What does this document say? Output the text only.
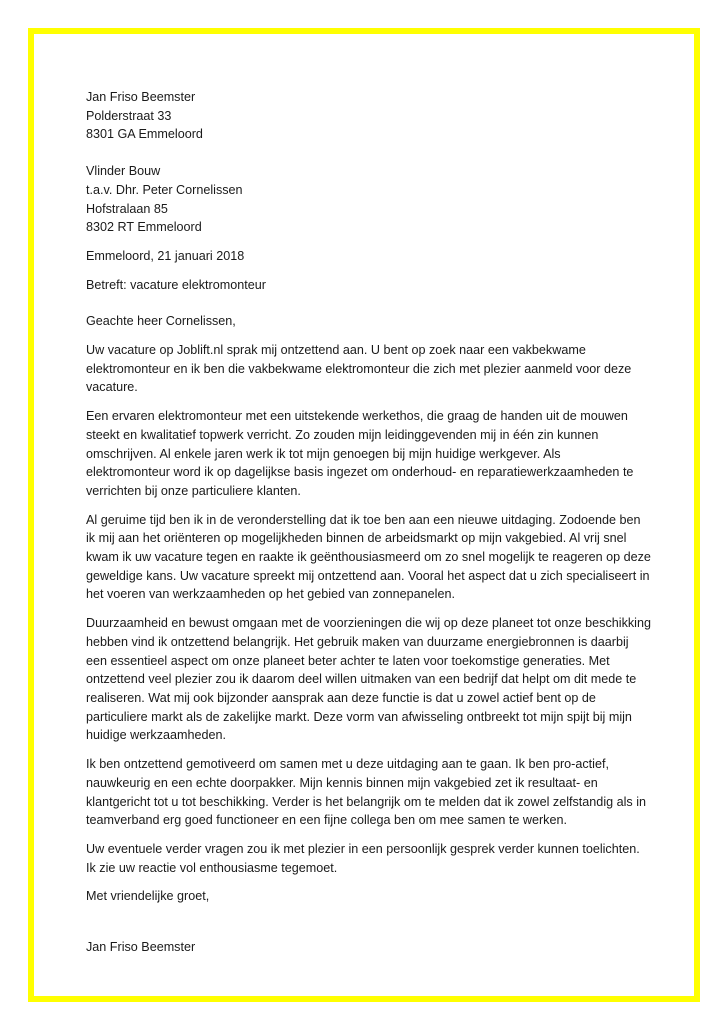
Jan Friso Beemster
Polderstraat 33
8301 GA Emmeloord
Vlinder Bouw
t.a.v. Dhr. Peter Cornelissen
Hofstralaan 85
8302 RT Emmeloord
Emmeloord, 21 januari 2018
Betreft: vacature elektromonteur
Geachte heer Cornelissen,
Uw vacature op Joblift.nl sprak mij ontzettend aan. U bent op zoek naar een vakbekwame
elektromonteur en ik ben die vakbekwame elektromonteur die zich met plezier aanmeld voor deze
vacature.
Een ervaren elektromonteur met een uitstekende werkethos, die graag de handen uit de mouwen
steekt en kwalitatief topwerk verricht. Zo zouden mijn leidinggevenden mij in één zin kunnen
omschrijven. Al enkele jaren werk ik tot mijn genoegen bij mijn huidige werkgever. Als
elektromonteur word ik op dagelijkse basis ingezet om onderhoud- en reparatiewerkzaamheden te
verrichten bij onze particuliere klanten.
Al geruime tijd ben ik in de veronderstelling dat ik toe ben aan een nieuwe uitdaging. Zodoende ben
ik mij aan het oriënteren op mogelijkheden binnen de arbeidsmarkt op mijn vakgebied. Al vrij snel
kwam ik uw vacature tegen en raakte ik geënthousiasmeerd om zo snel mogelijk te reageren op deze
geweldige kans. Uw vacature spreekt mij ontzettend aan. Vooral het aspect dat u zich specialiseert in
het voeren van werkzaamheden op het gebied van zonnepanelen.
Duurzaamheid en bewust omgaan met de voorzieningen die wij op deze planeet tot onze beschikking
hebben vind ik ontzettend belangrijk. Het gebruik maken van duurzame energiebronnen is daarbij
een essentieel aspect om onze planeet beter achter te laten voor toekomstige generaties. Met
ontzettend veel plezier zou ik daarom deel willen uitmaken van een bedrijf dat helpt om dit mede te
realiseren. Wat mij ook bijzonder aansprak aan deze functie is dat u zowel actief bent op de
particuliere markt als de zakelijke markt. Deze vorm van afwisseling ontbreekt tot mijn spijt bij mijn
huidige werkzaamheden.
Ik ben ontzettend gemotiveerd om samen met u deze uitdaging aan te gaan. Ik ben pro-actief,
nauwkeurig en een echte doorpakker. Mijn kennis binnen mijn vakgebied zet ik resultaat- en
klantgericht tot u tot beschikking. Verder is het belangrijk om te melden dat ik zowel zelfstandig als in
teamverband erg goed functioneer en een fijne collega ben om mee samen te werken.
Uw eventuele verder vragen zou ik met plezier in een persoonlijk gesprek verder kunnen toelichten.
Ik zie uw reactie vol enthousiasme tegemoet.
Met vriendelijke groet,
Jan Friso Beemster
